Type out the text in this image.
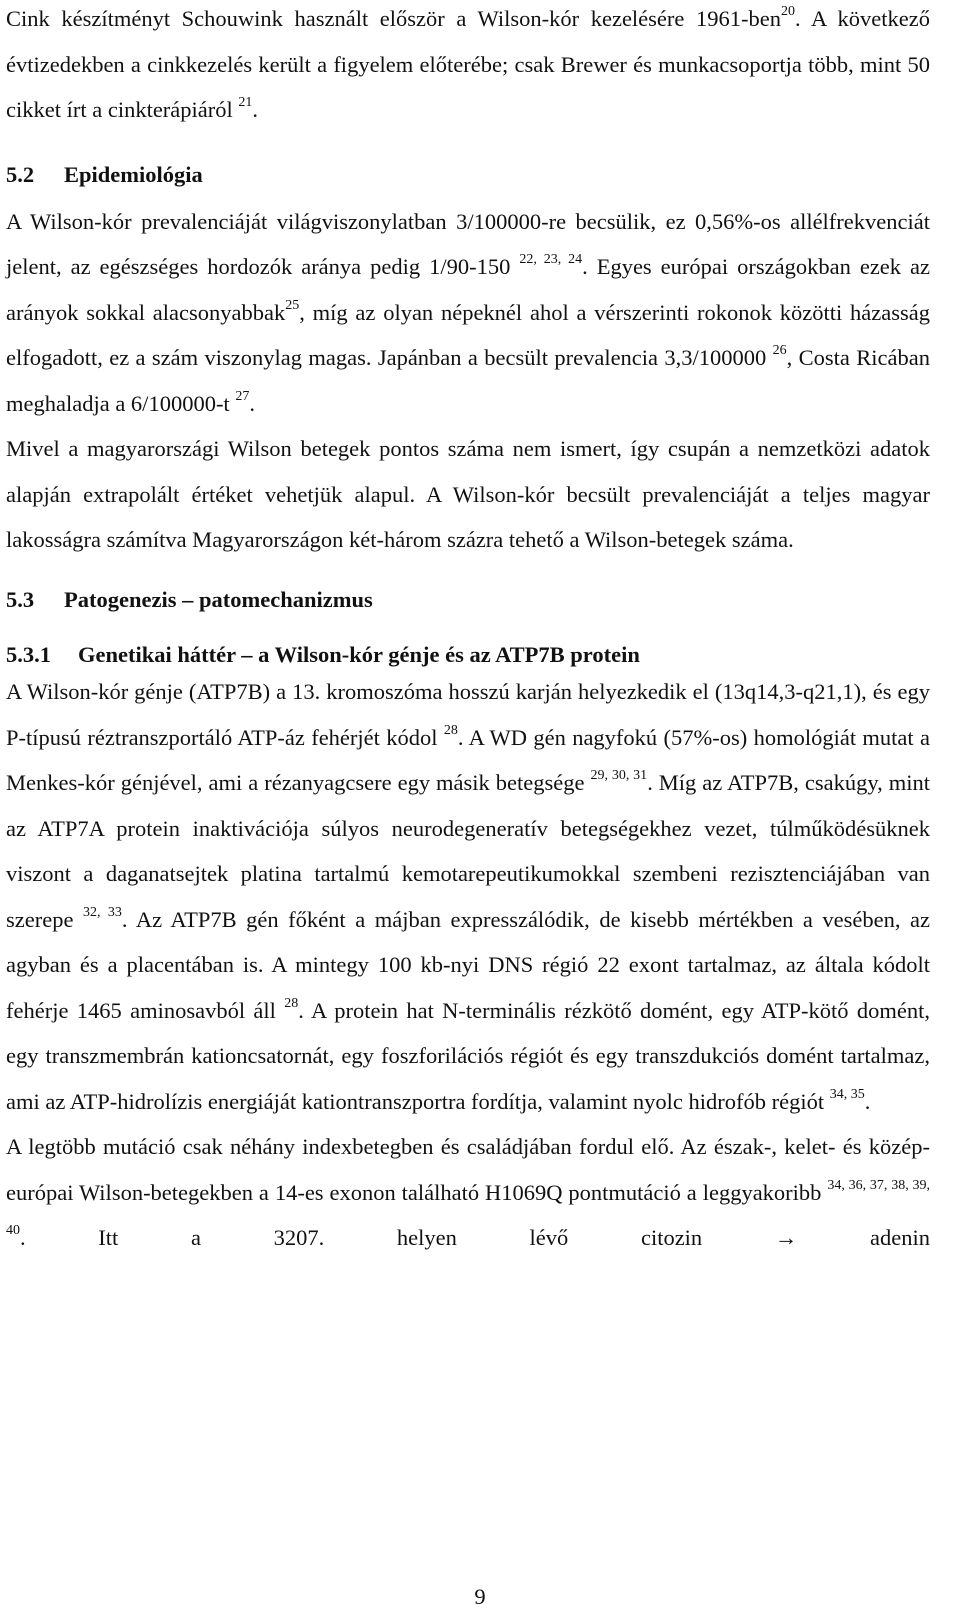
Cink készítményt Schouwink használt először a Wilson-kór kezelésére 1961-ben$^{20}$. A következő évtizedekben a cinkkezelés került a figyelem előterébe; csak Brewer és munkacsoportja több, mint 50 cikket írt a cinkterápiáról $^{21}$.

5.2 Epidemiológia

A Wilson-kór prevalenciáját világviszonylatban 3/100000-re becsülik, ez 0,56%-os allélfrekvenciát jelent, az egészséges hordozók aránya pedig 1/90-150 $^{22, 23, 24}$. Egyes európai országokban ezek az arányok sokkal alacsonyabbak$^{25}$, míg az olyan népeknél ahol a vérszerinti rokonok közötti házasság elfogadott, ez a szám viszonylag magas. Japánban a becsült prevalencia 3,3/100000 $^{26}$, Costa Ricában meghaladja a 6/100000-t $^{27}$.

Mivel a magyarországi Wilson betegek pontos száma nem ismert, így csupán a nemzetközi adatok alapján extrapolált értéket vehetjük alapul. A Wilson-kór becsült prevalenciáját a teljes magyar lakosságra számítva Magyarországon két-három százra tehető a Wilson-betegek száma.

5.3 Patogenezis – patomechanizmus
5.3.1 Genetikai háttér – a Wilson-kór génje és az ATP7B protein

A Wilson-kór génje (ATP7B) a 13. kromoszóma hosszú karján helyezkedik el (13q14,3-q21,1), és egy P-típusú réztranszportáló ATP-áz fehérjét kódol $^{28}$. A WD gén nagyfokú (57%-os) homológiát mutat a Menkes-kór génjével, ami a rézanyagcsere egy másik betegsége $^{29, 30, 31}$. Míg az ATP7B, csakúgy, mint az ATP7A protein inaktivációja súlyos neurodegeneratív betegségekhez vezet, túlműködésüknek viszont a daganatsejtek platina tartalmú kemotarepeutikumokkal szembeni rezisztenciájában van szerepe $^{32, 33}$. Az ATP7B gén főként a májban expresszálódik, de kisebb mértékben a vesében, az agyban és a placentában is. A mintegy 100 kb-nyi DNS régió 22 exont tartalmaz, az általa kódolt fehérje 1465 aminosavból áll $^{28}$. A protein hat N-terminális rézkötő domént, egy ATP-kötő domént, egy transzmembrán kationcsatornát, egy foszforilációs régiót és egy transzdukciós domént tartalmaz, ami az ATP-hidrolízis energiáját kationtranszportra fordítja, valamint nyolc hidrofób régiót $^{34, 35}$.

A legtöbb mutáció csak néhány indexbetegben és családjában fordul elő. Az észak-, kelet- és közép-európai Wilson-betegekben a 14-es exonon található H1069Q pontmutáció a leggyakoribb $^{34, 36, 37, 38, 39, 40}$. Itt a 3207. helyen lévő citozin → adenin

9
